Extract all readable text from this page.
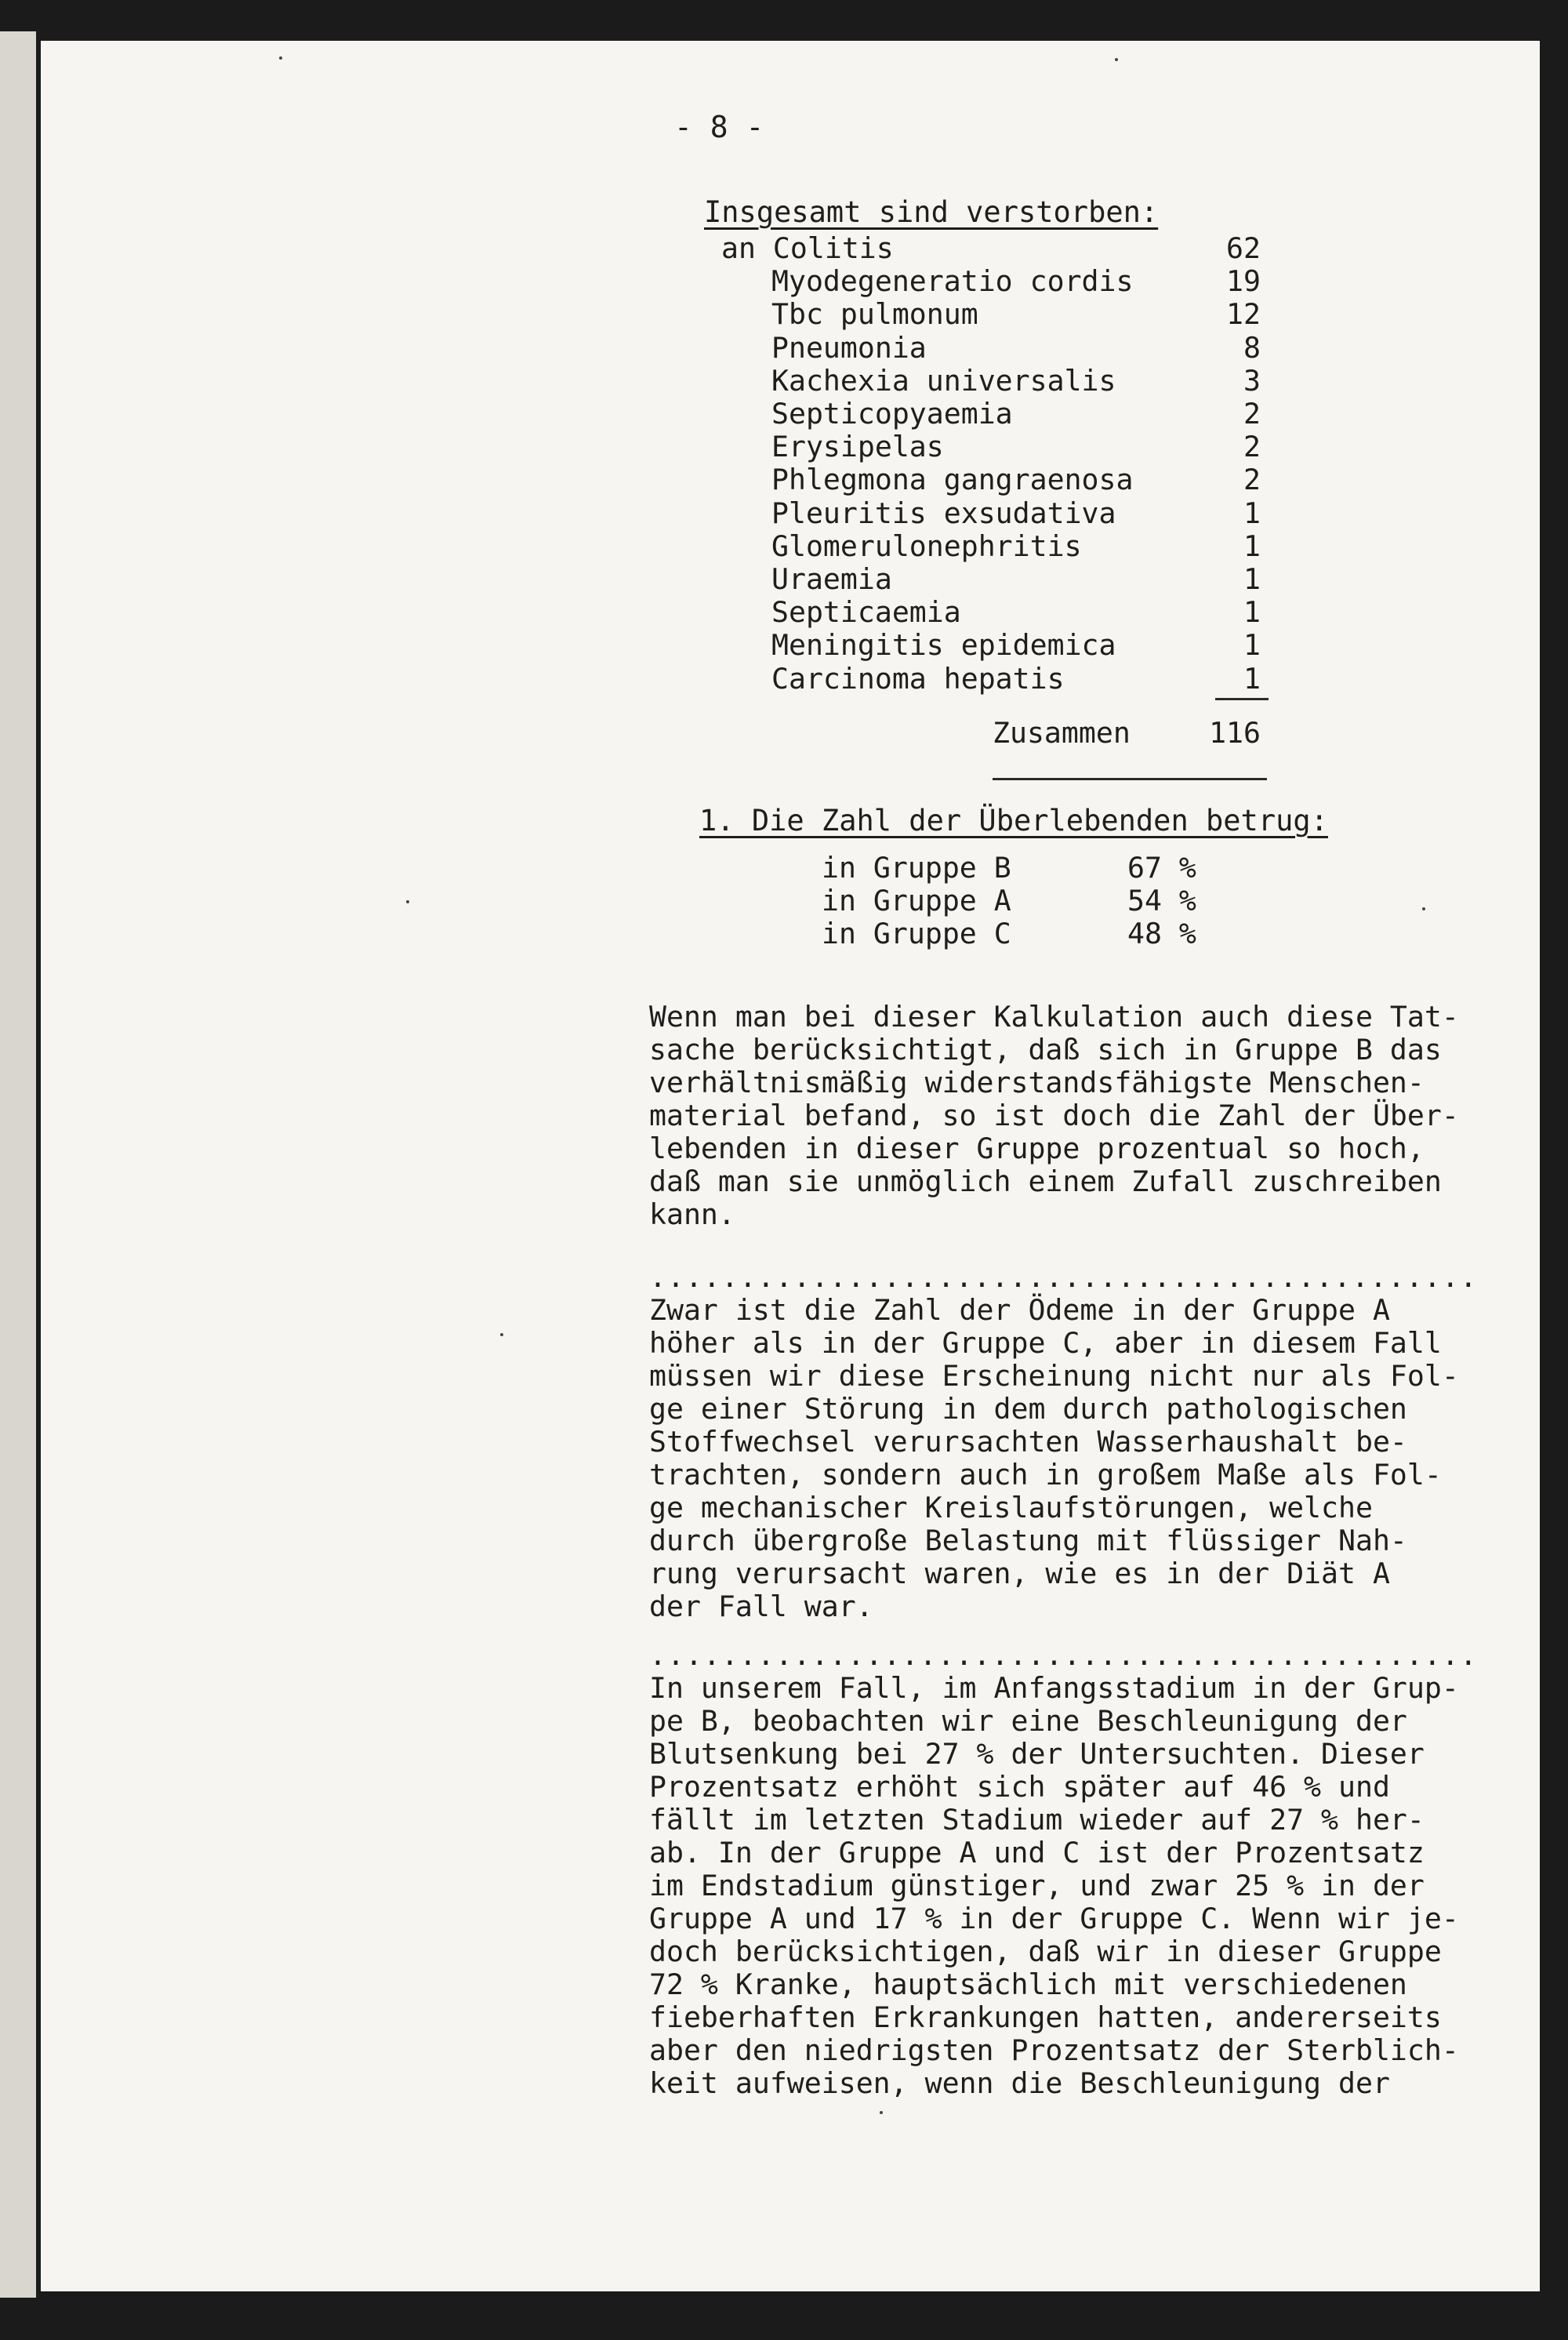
- 8 -
Insgesamt sind verstorben:
an Colitis	62
Myodegeneratio cordis	19
Tbc pulmonum	12
Pneumonia	8
Kachexia universalis	3
Septicopyaemia	2
Erysipelas	2
Phlegmona gangraenosa	2
Pleuritis exsudativa	1
Glomerulonephritis	1
Uraemia	1
Septicaemia	1
Meningitis epidemica	1
Carcinoma hepatis	1
Zusammen	116
1. Die Zahl der Überlebenden betrug:
in Gruppe B	67 %
in Gruppe A	54 %
in Gruppe C	48 %
Wenn man bei dieser Kalkulation auch diese Tat-
sache berücksichtigt, daß sich in Gruppe B das
verhältnismäßig widerstandsfähigste Menschen-
material befand, so ist doch die Zahl der Über-
lebenden in dieser Gruppe prozentual so hoch,
daß man sie unmöglich einem Zufall zuschreiben
kann.
..............................................
Zwar ist die Zahl der Ödeme in der Gruppe A
höher als in der Gruppe C, aber in diesem Fall
müssen wir diese Erscheinung nicht nur als Fol-
ge einer Störung in dem durch pathologischen
Stoffwechsel verursachten Wasserhaushalt be-
trachten, sondern auch in großem Maße als Fol-
ge mechanischer Kreislaufstörungen, welche
durch übergroße Belastung mit flüssiger Nah-
rung verursacht waren, wie es in der Diät A
der Fall war.
..............................................
In unserem Fall, im Anfangsstadium in der Grup-
pe B, beobachten wir eine Beschleunigung der
Blutsenkung bei 27 % der Untersuchten. Dieser
Prozentsatz erhöht sich später auf 46 % und
fällt im letzten Stadium wieder auf 27 % her-
ab. In der Gruppe A und C ist der Prozentsatz
im Endstadium günstiger, und zwar 25 % in der
Gruppe A und 17 % in der Gruppe C. Wenn wir je-
doch berücksichtigen, daß wir in dieser Gruppe
72 % Kranke, hauptsächlich mit verschiedenen
fieberhaften Erkrankungen hatten, andererseits
aber den niedrigsten Prozentsatz der Sterblich-
keit aufweisen, wenn die Beschleunigung der
